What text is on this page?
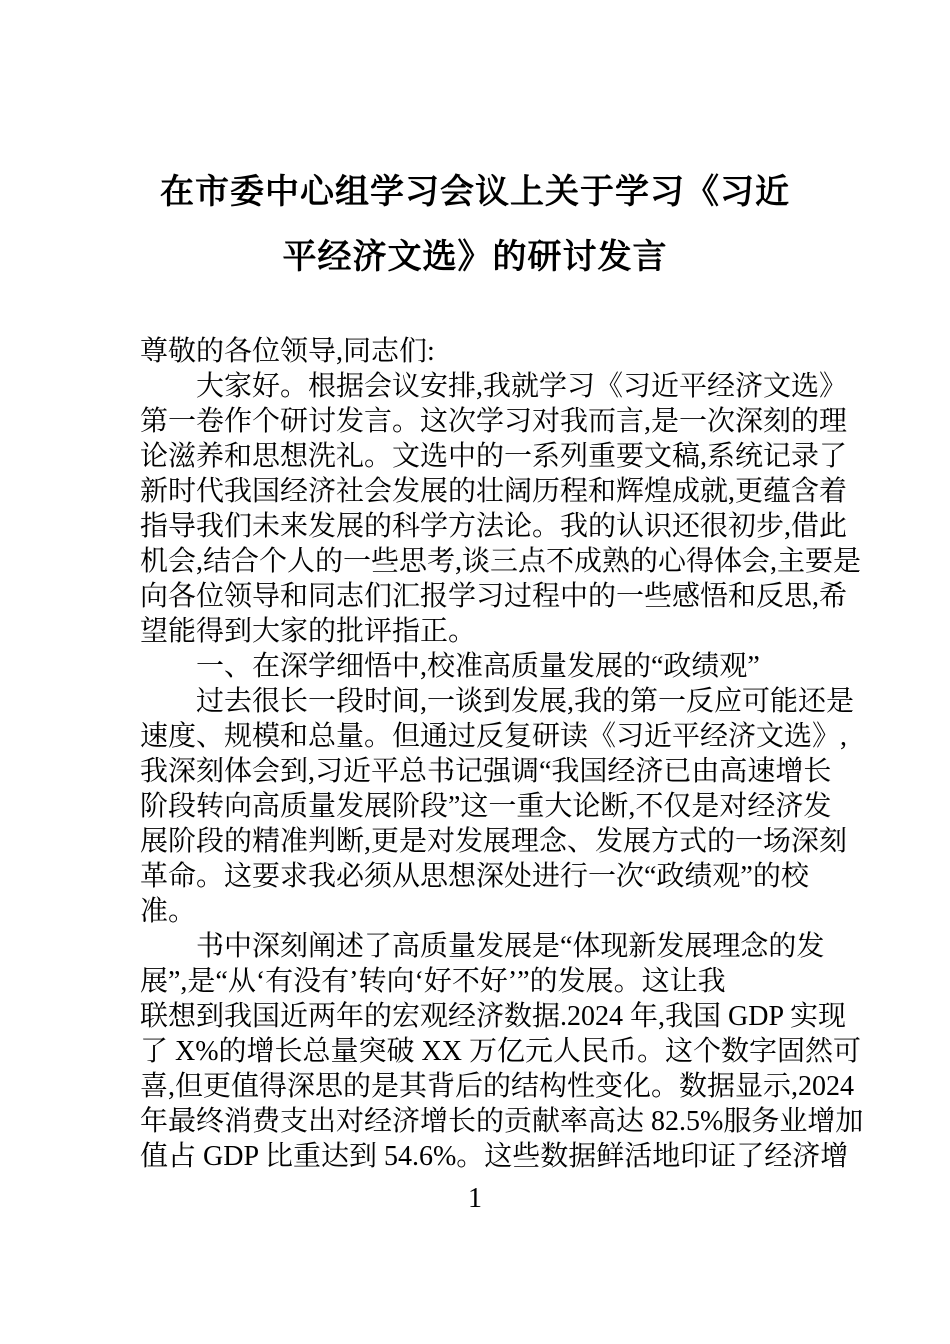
在市委中心组学习会议上关于学习《习近
平经济文选》的研讨发言
尊敬的各位领导,同志们:
大家好。根据会议安排,我就学习《习近平经济文选》
第一卷作个研讨发言。这次学习对我而言,是一次深刻的理
论滋养和思想洗礼。文选中的一系列重要文稿,系统记录了
新时代我国经济社会发展的壮阔历程和辉煌成就,更蕴含着
指导我们未来发展的科学方法论。我的认识还很初步,借此
机会,结合个人的一些思考,谈三点不成熟的心得体会,主要是
向各位领导和同志们汇报学习过程中的一些感悟和反思,希
望能得到大家的批评指正。
一、在深学细悟中,校准高质量发展的“政绩观”
过去很长一段时间,一谈到发展,我的第一反应可能还是
速度、规模和总量。但通过反复研读《习近平经济文选》,
我深刻体会到,习近平总书记强调“我国经济已由高速增长
阶段转向高质量发展阶段”这一重大论断,不仅是对经济发
展阶段的精准判断,更是对发展理念、发展方式的一场深刻
革命。这要求我必须从思想深处进行一次“政绩观”的校
准。
书中深刻阐述了高质量发展是“体现新发展理念的发
展”,是“从‘有没有’转向‘好不好’”的发展。这让我
联想到我国近两年的宏观经济数据.2024 年,我国 GDP 实现
了 X%的增长总量突破 XX 万亿元人民币。这个数字固然可
喜,但更值得深思的是其背后的结构性变化。数据显示,2024
年最终消费支出对经济增长的贡献率高达 82.5%服务业增加
值占 GDP 比重达到 54.6%。这些数据鲜活地印证了经济增
1
